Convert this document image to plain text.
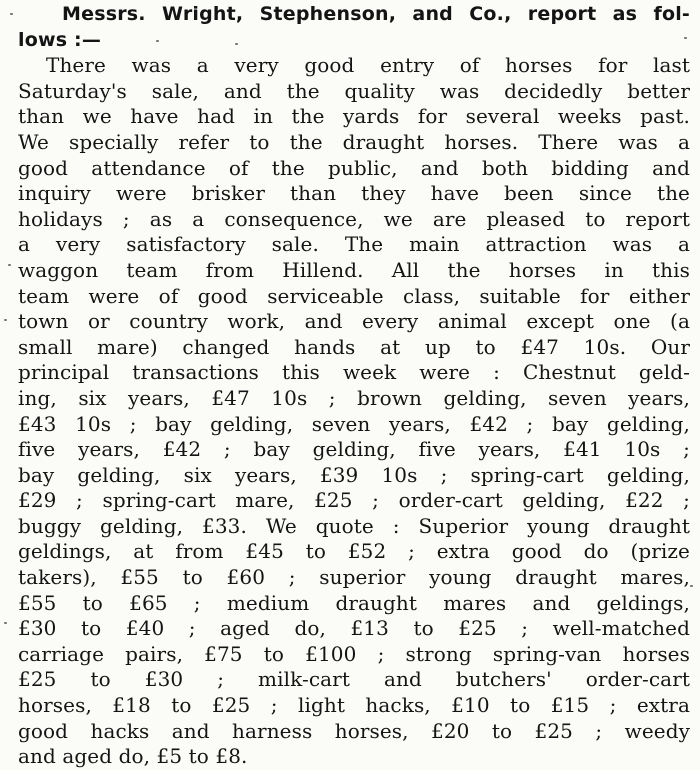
Messrs. Wright, Stephenson, and Co., report as fol-
lows :—
There was a very good entry of horses for last
Saturday's sale, and the quality was decidedly better
than we have had in the yards for several weeks past.
We specially refer to the draught horses. There was a
good attendance of the public, and both bidding and
inquiry were brisker than they have been since the
holidays ; as a consequence, we are pleased to report
a very satisfactory sale. The main attraction was a
waggon team from Hillend. All the horses in this
team were of good serviceable class, suitable for either
town or country work, and every animal except one (a
small mare) changed hands at up to £47 10s. Our
principal transactions this week were : Chestnut geld-
ing, six years, £47 10s ; brown gelding, seven years,
£43 10s ; bay gelding, seven years, £42 ; bay gelding,
five years, £42 ; bay gelding, five years, £41 10s ;
bay gelding, six years, £39 10s ; spring-cart gelding,
£29 ; spring-cart mare, £25 ; order-cart gelding, £22 ;
buggy gelding, £33. We quote : Superior young draught
geldings, at from £45 to £52 ; extra good do (prize
takers), £55 to £60 ; superior young draught mares,
£55 to £65 ; medium draught mares and geldings,
£30 to £40 ; aged do, £13 to £25 ; well-matched
carriage pairs, £75 to £100 ; strong spring-van horses
£25 to £30 ; milk-cart and butchers' order-cart
horses, £18 to £25 ; light hacks, £10 to £15 ; extra
good hacks and harness horses, £20 to £25 ; weedy
and aged do, £5 to £8.
